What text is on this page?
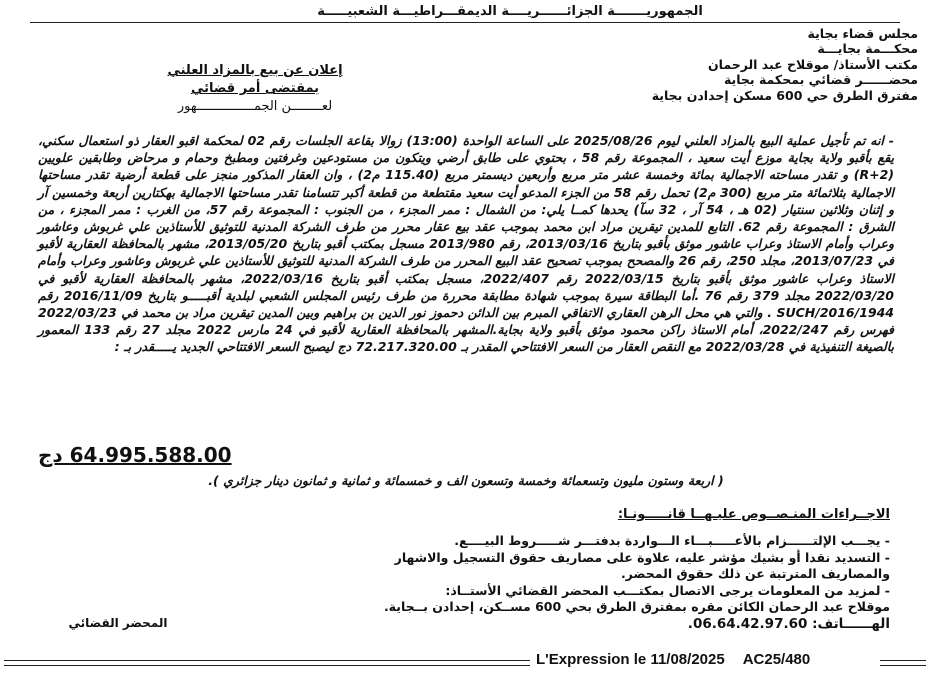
الجمهوريـــــــة الجزائــــــريــــة الديمقـــراطيـــة الشعبيـــــة
مجلس قضاء بجاية
محكـــمة بجايـــة
مكتب الأستاذ/ موقلاح عبد الرحمان
محضــــــر قضائي بمحكمة بجاية
مفترق الطرق حي 600 مسكن إحدادن بجاية
إعلان عن بيع بالمزاد العلني
بمقتضى أمر قضائي
لعــــــــن الجمـــــــــــــــهور

- انه تم تأجيل عملية البيع بالمزاد العلني ليوم 2025/08/26 على الساعة الواحدة (13:00) زوالا بقاعة الجلسات رقم 02 لمحكمة اقبو العقار ذو استعمال سكني، يقع بأقبو ولاية بجاية موزع أيت سعيد ، المجموعة رقم 58 ، بحتوي على طابق أرضي ويتكون من مستودعين وغرفتين ومطبخ وحمام و مرحاض وطابقين علويين (R+2) و تقدر مساحته الاجمالية بمائة وخمسة عشر متر مربع وأربعين ديسمتر مربع (115.40 م2) ، وان العقار المذكور منجز على قطعة أرضية تقدر مساحتها الاجمالية بثلاثمائة متر مربع (300 م2) تحمل رقم 58 من الجزء المدعو أيت سعيد مقتطعة من قطعة أكبر تتسامنا تقدر مساحتها الاجمالية بهكتارين أربعة وخمسين آر و إثنان وثلاثين سنتيار (02 هـ ، 54 آر ، 32 سآ) يحدها كمــا يلي: من الشمال : ممر المجزء ، من الجنوب : المجموعة رقم 57، من الغرب : ممر المجزء ، من الشرق : المجموعة رقم 62. التابع للمدين تيقرين مراد ابن محمد بموجب عقد بيع عقار محرر من طرف الشركة المدنية للتوثيق للأستاذين علي غربوش وعاشور وعراب وأمام الاستاذ وعراب عاشور موثق بأقبو بتاريخ 2013/03/16، رقم 2013/980 مسجل بمكتب أقبو بتاريخ 2013/05/20، مشهر بالمحافظة العقارية لأقبو في 2013/07/23، مجلد 250، رقم 26 والمصحح بموجب تصحيح عقد البيع المحرر من طرف الشركة المدنية للتوثيق للأستاذين علي غربوش وعاشور وعراب وأمام الاستاذ وعراب عاشور موثق بأقبو بتاريخ 2022/03/15 رقم 2022/407، مسجل بمكتب أقبو بتاريخ 2022/03/16، مشهر بالمحافظة العقارية لأقبو في 2022/03/20 مجلد 379 رقم 76 .أما البطاقة سيرة بموجب شهادة مطابقة محررة من طرف رئيس المجلس الشعبي لبلدية أقبـــــو بتاريخ 2016/11/09 رقم 1944/SUCH/2016 . والتي هي محل الرهن العقاري الاتفاقي المبرم بين الدائن دحموز نور الدين بن براهيم وبين المدين تيقرين مراد بن محمد في 2022/03/23 فهرس رقم 2022/247، أمام الاستاذ راكن محمود موثق بأقبو ولاية بجاية.المشهر بالمحافظة العقارية لأقبو في 24 مارس 2022 مجلد 27 رقم 133 المعمور بالصيغة التنفيذية في 2022/03/28 مع النقص العقار من السعر الافتتاحي المقدر بـ 72.217.320.00 دج ليصبح السعر الافتتاحي الجديد يـــــقدر بـ :

64.995.588.00 دج
( اربعة وستون مليون وتسعمائة وخمسة وتسعون الف و خمسمائة و ثمانية و ثمانون دينار جزائري ).
الاجــراءات المنـصــوص عليـهــا قانـــــونـا:
- يجـــب الإلتــــــزام بالأعـــــبـــاء الـــواردة بدفتـــر شـــــروط البيــــع.
- التسديد نقدا أو بشيك مؤشر عليه، علاوة على مصاريف حقوق التسجيل والاشهار
والمصاريف المترتبة عن ذلك حقوق المحضر.
- لمزيد من المعلومات يرجى الاتصال بمكتـــب المحضر القضائي الأستــاذ:
موقلاح عبد الرحمان الكائن مقره بمفترق الطرق بحي 600 مســكن، إحدادن بــجاية.
الهــــــاتف: 06.64.42.97.60.
المحضر القضائي
L'Expression le 11/08/2025 AC25/480
